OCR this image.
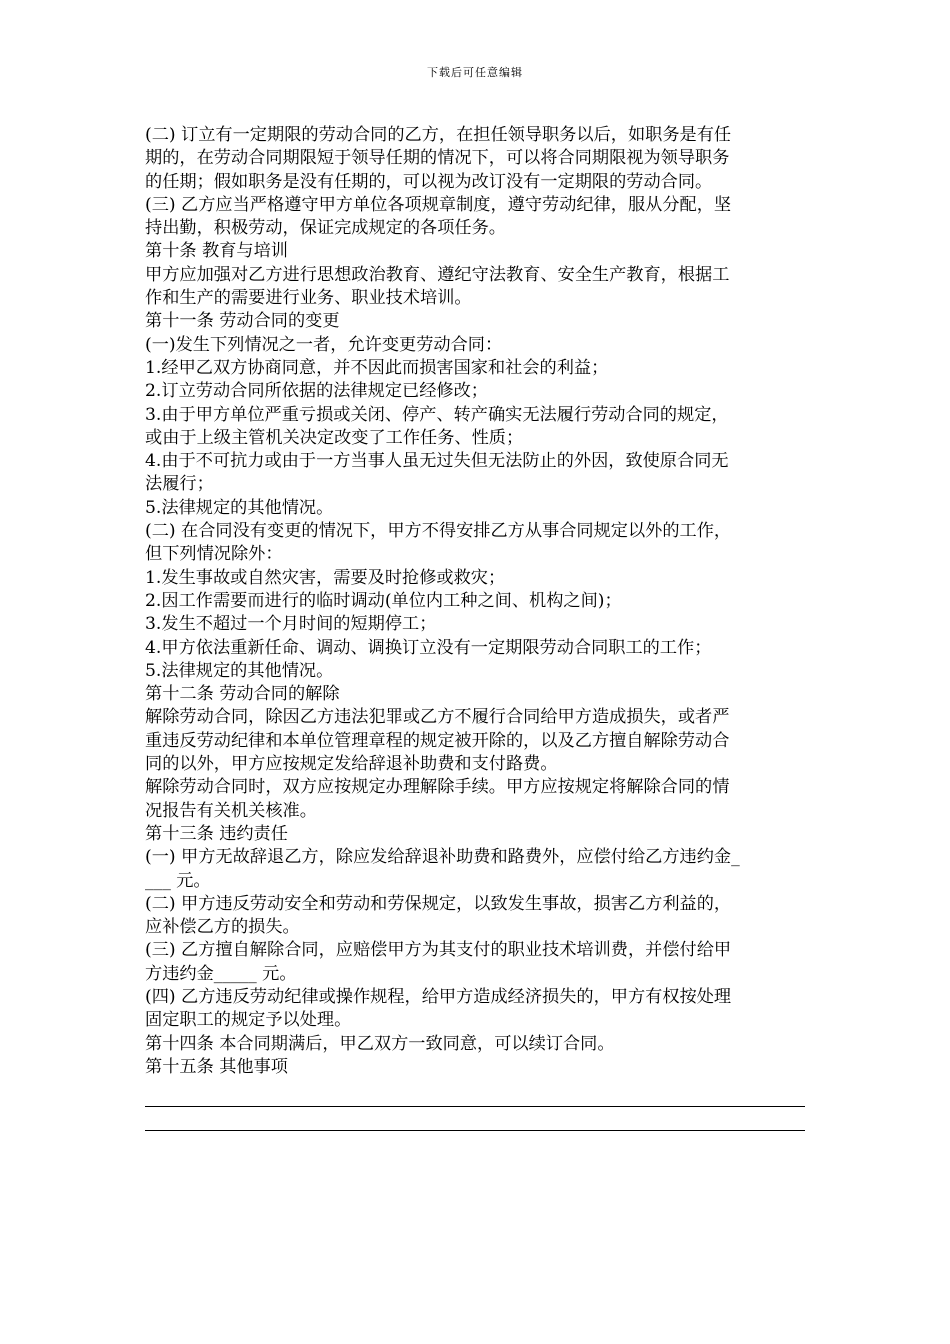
下载后可任意编辑
(二) 订立有一定期限的劳动合同的乙方，在担任领导职务以后，如职务是有任
期的，在劳动合同期限短于领导任期的情况下，可以将合同期限视为领导职务
的任期；假如职务是没有任期的，可以视为改订没有一定期限的劳动合同。
(三) 乙方应当严格遵守甲方单位各项规章制度，遵守劳动纪律，服从分配，坚
持出勤，积极劳动，保证完成规定的各项任务。
第十条 教育与培训
甲方应加强对乙方进行思想政治教育、遵纪守法教育、安全生产教育，根据工
作和生产的需要进行业务、职业技术培训。
第十一条 劳动合同的变更
(一)发生下列情况之一者，允许变更劳动合同：
1.经甲乙双方协商同意，并不因此而损害国家和社会的利益；
2.订立劳动合同所依据的法律规定已经修改；
3.由于甲方单位严重亏损或关闭、停产、转产确实无法履行劳动合同的规定，
或由于上级主管机关决定改变了工作任务、性质；
4.由于不可抗力或由于一方当事人虽无过失但无法防止的外因，致使原合同无
法履行；
5.法律规定的其他情况。
(二) 在合同没有变更的情况下，甲方不得安排乙方从事合同规定以外的工作，
但下列情况除外：
1.发生事故或自然灾害，需要及时抢修或救灾；
2.因工作需要而进行的临时调动(单位内工种之间、机构之间)；
3.发生不超过一个月时间的短期停工；
4.甲方依法重新任命、调动、调换订立没有一定期限劳动合同职工的工作；
5.法律规定的其他情况。
第十二条 劳动合同的解除
解除劳动合同，除因乙方违法犯罪或乙方不履行合同给甲方造成损失，或者严
重违反劳动纪律和本单位管理章程的规定被开除的，以及乙方擅自解除劳动合
同的以外，甲方应按规定发给辞退补助费和支付路费。
解除劳动合同时，双方应按规定办理解除手续。甲方应按规定将解除合同的情
况报告有关机关核准。
第十三条 违约责任
(一) 甲方无故辞退乙方，除应发给辞退补助费和路费外，应偿付给乙方违约金_
___ 元。
(二) 甲方违反劳动安全和劳动和劳保规定，以致发生事故，损害乙方利益的，
应补偿乙方的损失。
(三) 乙方擅自解除合同，应赔偿甲方为其支付的职业技术培训费，并偿付给甲
方违约金_____ 元。
(四) 乙方违反劳动纪律或操作规程，给甲方造成经济损失的，甲方有权按处理
固定职工的规定予以处理。
第十四条 本合同期满后，甲乙双方一致同意，可以续订合同。
第十五条 其他事项
